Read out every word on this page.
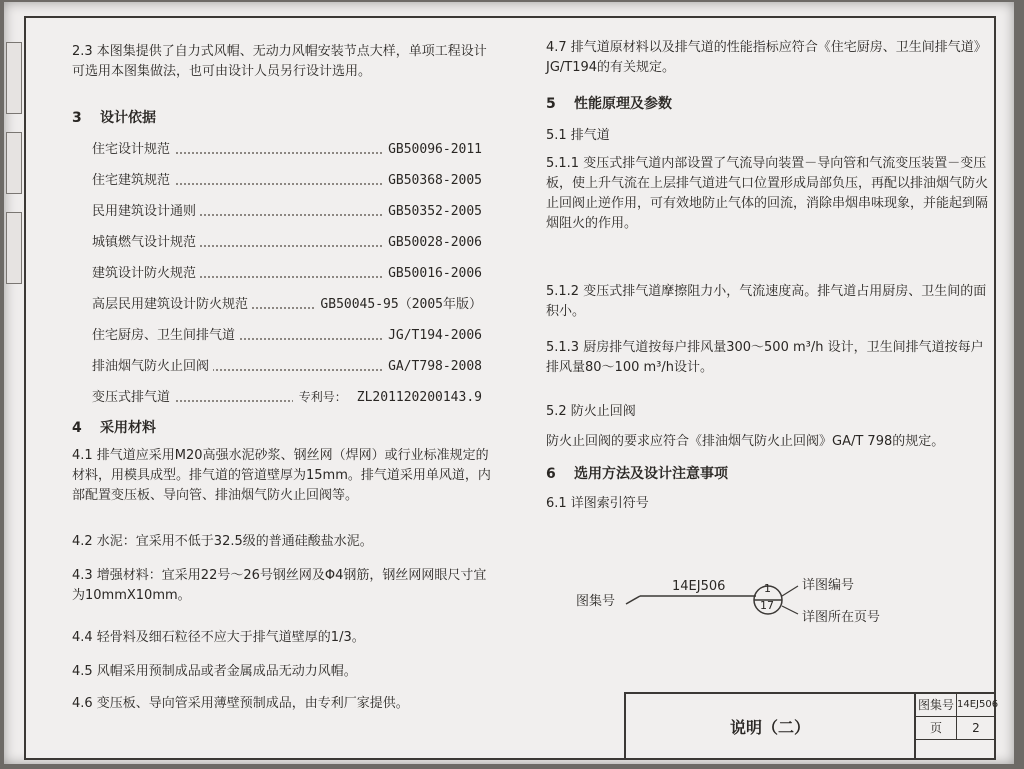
2.3 本图集提供了自力式风帽、无动力风帽安装节点大样，单项工程设计可选用本图集做法，也可由设计人员另行设计选用。

3 设计依据
住宅设计规范	GB50096-2011
住宅建筑规范	GB50368-2005
民用建筑设计通则	GB50352-2005
城镇燃气设计规范	GB50028-2006
建筑设计防火规范	GB50016-2006
高层民用建筑设计防火规范	GB50045-95（2005年版）
住宅厨房、卫生间排气道	JG/T194-2006
排油烟气防火止回阀	GA/T798-2008
变压式排气道	专利号： ZL201120200143.9
4 采用材料

4.1 排气道应采用M20高强水泥砂浆、钢丝网（焊网）或行业标准规定的材料，用模具成型。排气道的管道壁厚为15mm。排气道采用单风道，内部配置变压板、导向管、排油烟气防火止回阀等。

4.2 水泥：宜采用不低于32.5级的普通硅酸盐水泥。

4.3 增强材料：宜采用22号～26号钢丝网及Φ4钢筋，钢丝网网眼尺寸宜为10mmX10mm。

4.4 轻骨料及细石粒径不应大于排气道壁厚的1/3。

4.5 风帽采用预制成品或者金属成品无动力风帽。

4.6 变压板、导向管采用薄壁预制成品，由专利厂家提供。

4.7 排气道原材料以及排气道的性能指标应符合《住宅厨房、卫生间排气道》JG/T194的有关规定。

5 性能原理及参数

5.1 排气道

5.1.1 变压式排气道内部设置了气流导向装置－导向管和气流变压装置－变压板，使上升气流在上层排气道进气口位置形成局部负压，再配以排油烟气防火止回阀止逆作用，可有效地防止气体的回流，消除串烟串味现象，并能起到隔烟阻火的作用。

5.1.2 变压式排气道摩擦阻力小，气流速度高。排气道占用厨房、卫生间的面积小。

5.1.3 厨房排气道按每户排风量300～500 m³/h 设计，卫生间排气道按每户排风量80～100 m³/h设计。

5.2 防火止回阀

防火止回阀的要求应符合《排油烟气防火止回阀》GA/T 798的规定。

6 选用方法及设计注意事项

6.1 详图索引符号

图集号
14EJ506	1
17
详图编号
详图所在页号
说明（二）
图集号 14EJ506
页	2
